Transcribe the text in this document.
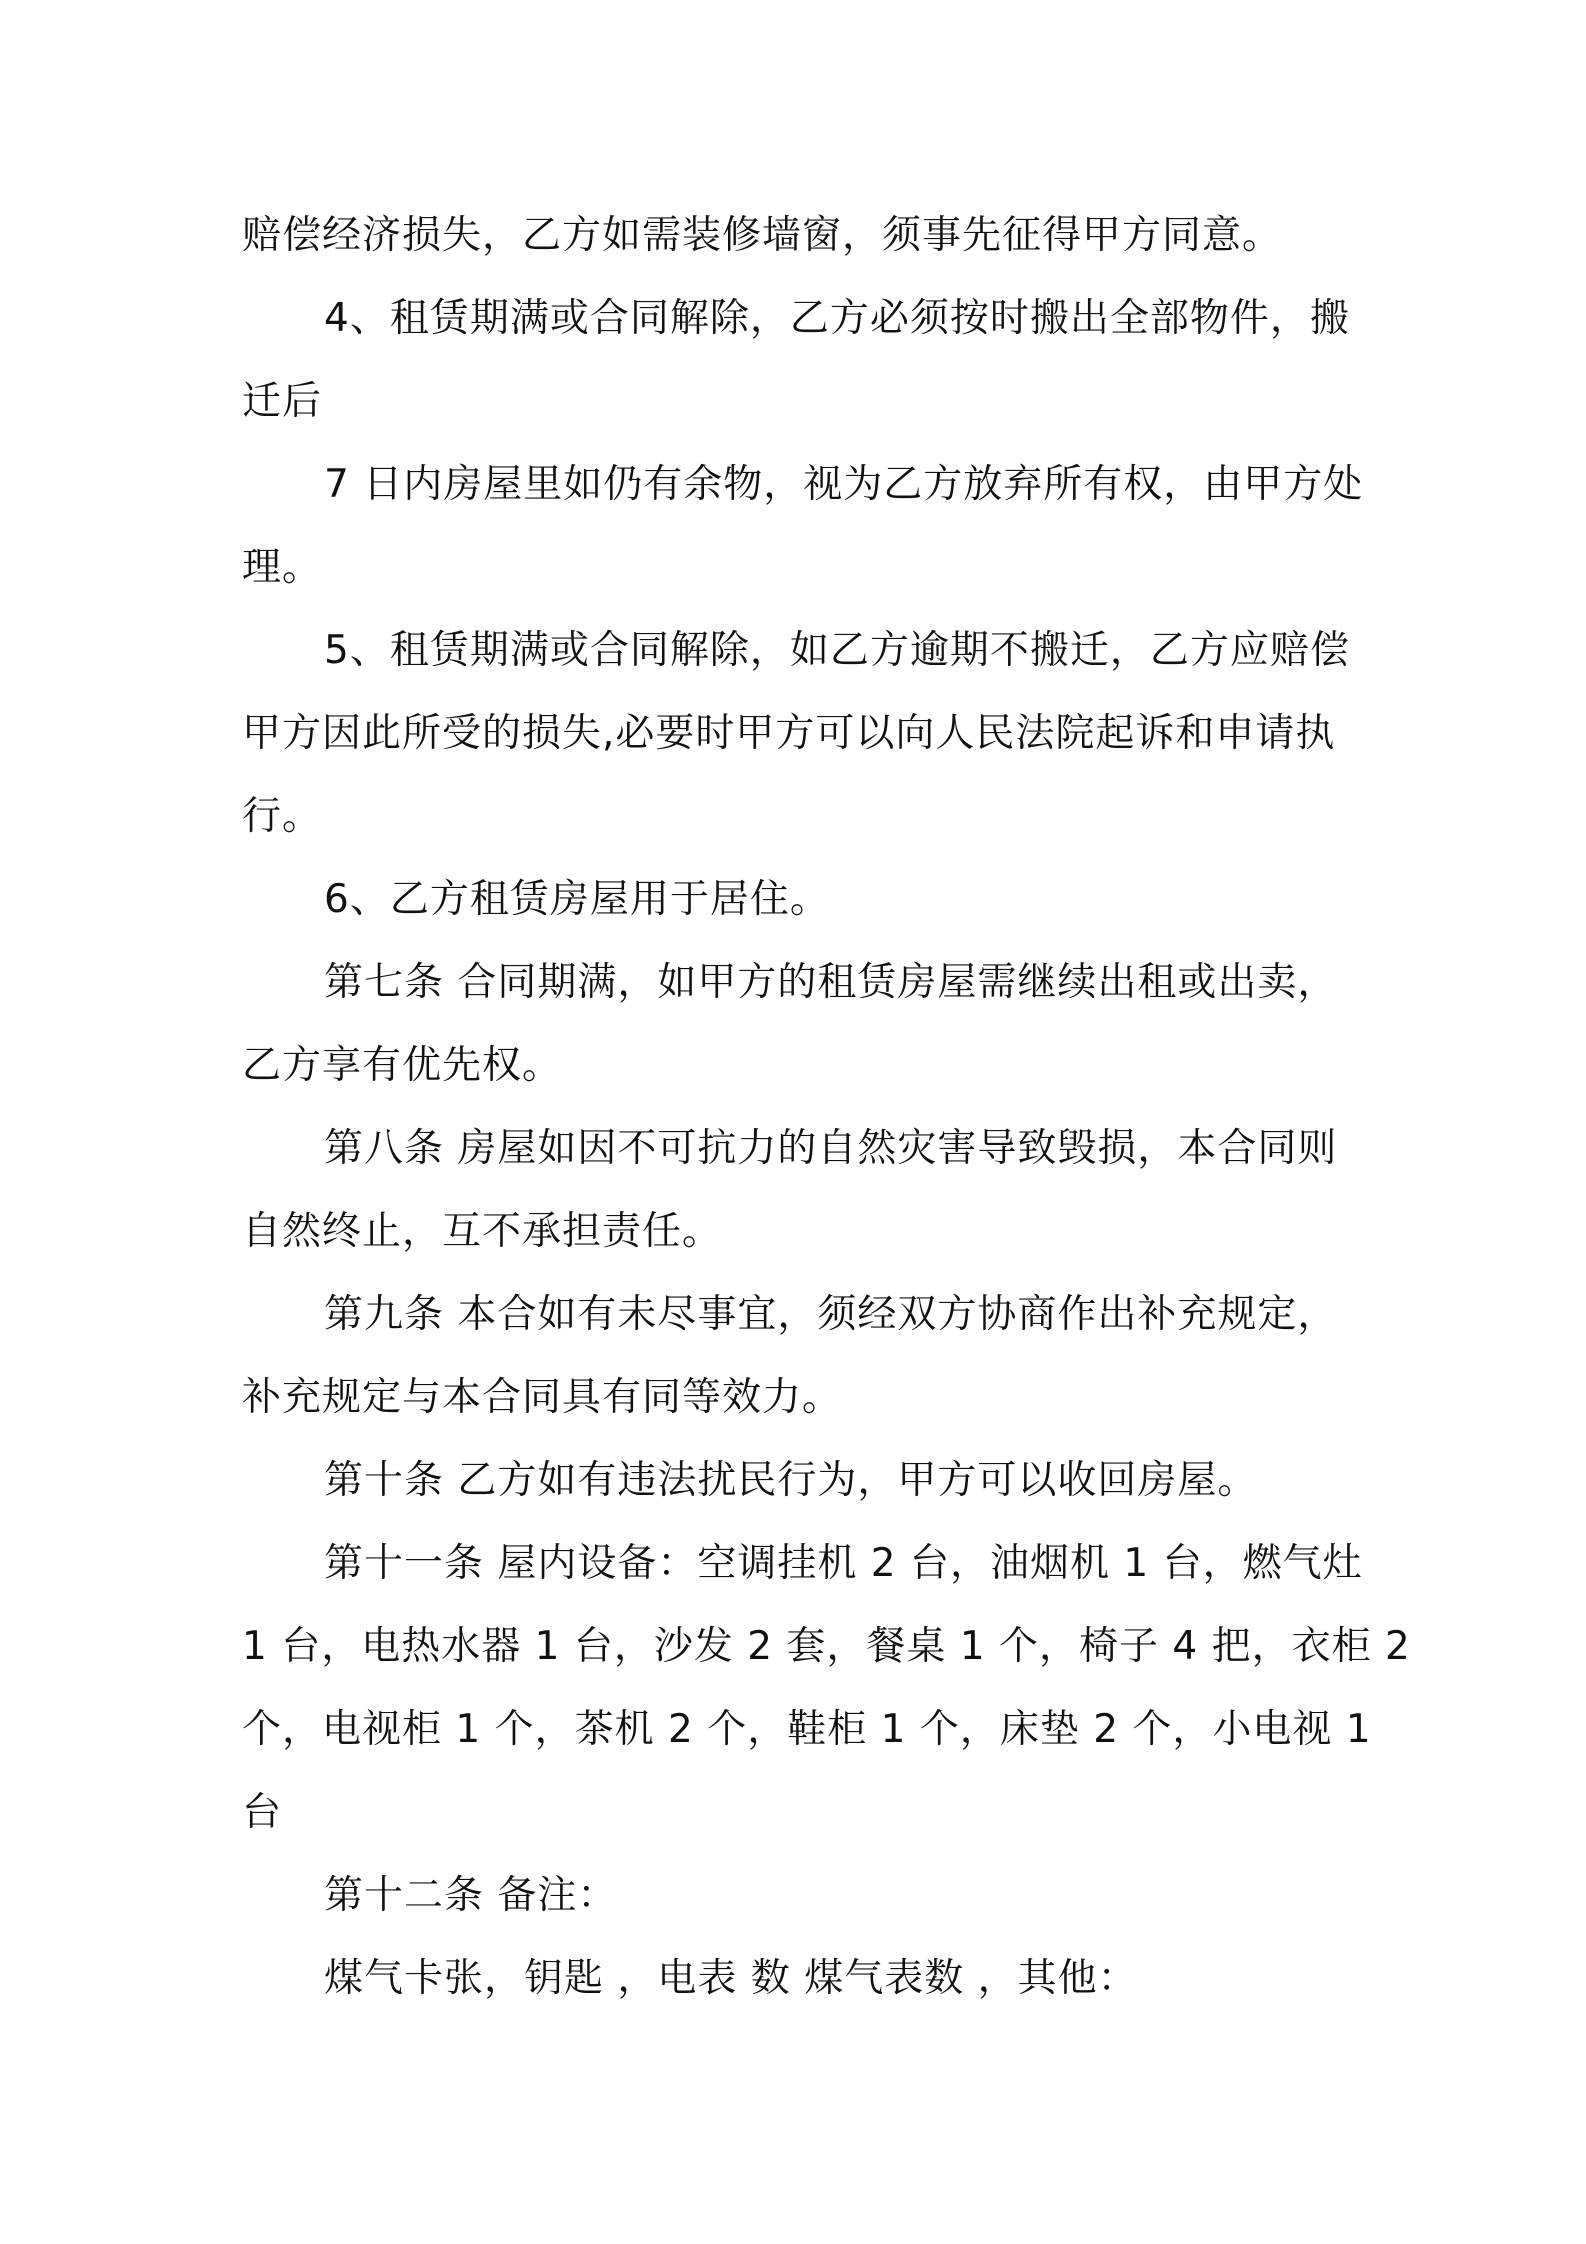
赔偿经济损失，乙方如需装修墙窗，须事先征得甲方同意。
4、租赁期满或合同解除，乙方必须按时搬出全部物件，搬
迁后
7 日内房屋里如仍有余物，视为乙方放弃所有权，由甲方处
理。
5、租赁期满或合同解除，如乙方逾期不搬迁，乙方应赔偿
甲方因此所受的损失,必要时甲方可以向人民法院起诉和申请执
行。
6、乙方租赁房屋用于居住。
第七条 合同期满，如甲方的租赁房屋需继续出租或出卖，
乙方享有优先权。
第八条 房屋如因不可抗力的自然灾害导致毁损，本合同则
自然终止，互不承担责任。
第九条 本合如有未尽事宜，须经双方协商作出补充规定，
补充规定与本合同具有同等效力。
第十条 乙方如有违法扰民行为，甲方可以收回房屋。
第十一条 屋内设备：空调挂机 2 台，油烟机 1 台，燃气灶
1 台，电热水器 1 台，沙发 2 套，餐桌 1 个，椅子 4 把，衣柜 2
个，电视柜 1 个，茶机 2 个，鞋柜 1 个，床垫 2 个，小电视 1
台
第十二条 备注：
煤气卡张，钥匙 ，电表 数 煤气表数 ，其他：
